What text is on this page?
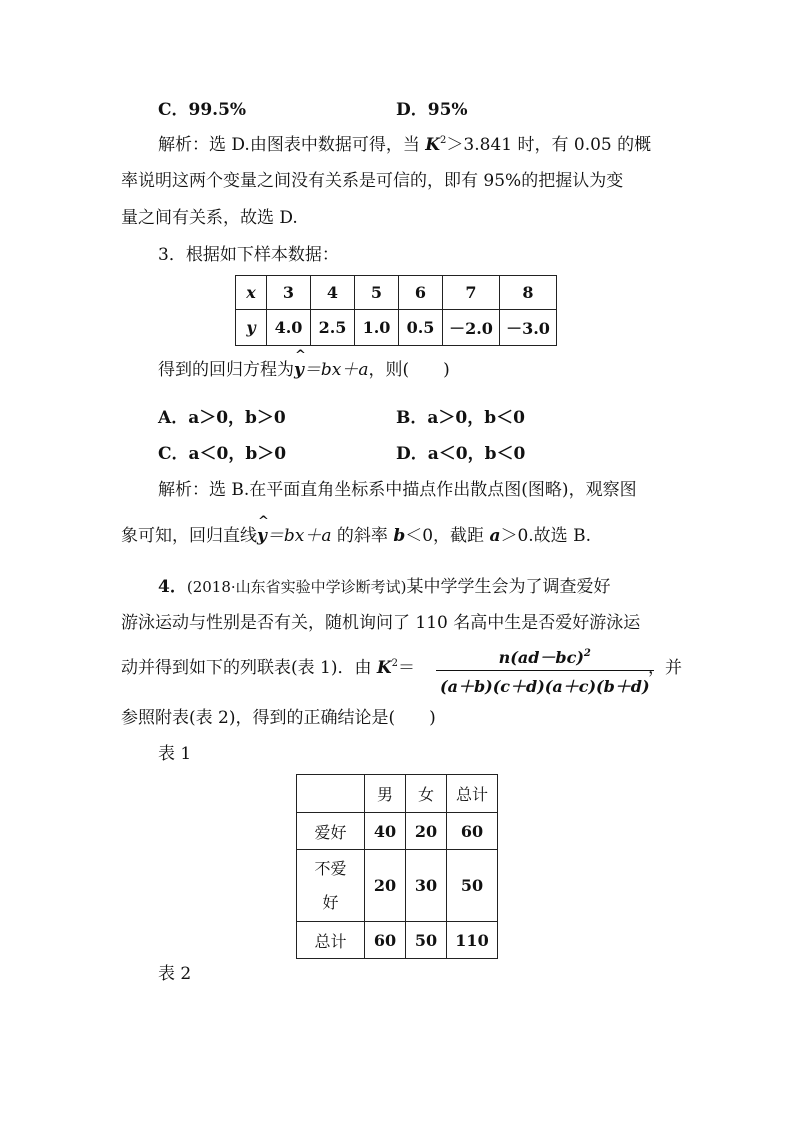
C．99.5%	D．95%
解析：选 D.由图表中数据可得，当 $K^2>3.841$ 时，有 0.05 的概
率说明这两个变量之间没有关系是可信的，即有 95%的把握认为变
量之间有关系，故选 D.
3．根据如下样本数据：
x	3	4	5	6	7	8
y	4.0	2.5	1.0	0.5	－2.0	－3.0
得到的回归方程为^ y＝bx＋a，则(　　)
A．a＞0，b＞0	B．a＞0，b＜0
C．a＜0，b＞0	D．a＜0，b＜0
解析：选 B.在平面直角坐标系中描点作出散点图(图略)，观察图
象可知，回归直线^ y＝bx＋a 的斜率 b＜0，截距 a＞0.故选 B.
4．(2018·山东省实验中学诊断考试)某中学学生会为了调查爱好
游泳运动与性别是否有关，随机询问了 110 名高中生是否爱好游泳运
动并得到如下的列联表(表 1)．由 $K^2= \frac{n(ad-bc)^2}{(a+b)(c+d)(a+c)(b+d)}$
，并
参照附表(表 2)，得到的正确结论是(　　)
表 1
	男	女	总计
爱好	40	20	60
不爱
好	20	30	50
总计	60	50	110
表 2
